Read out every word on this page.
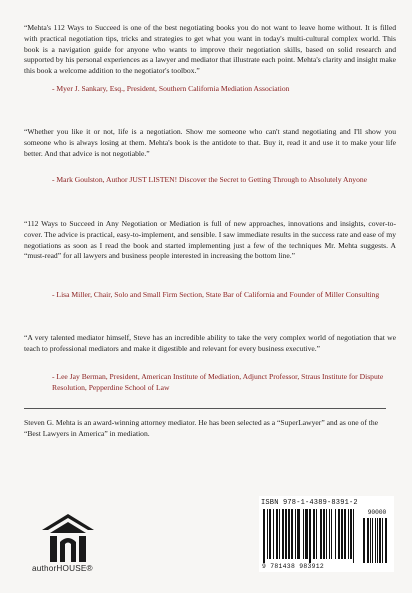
“Mehta's 112 Ways to Succeed is one of the best negotiating books you do not want to leave home without. It is filled with practical negotiation tips, tricks and strategies to get what you want in today's multi-cultural complex world. This book is a navigation guide for anyone who wants to improve their negotiation skills, based on solid research and supported by his personal experiences as a lawyer and mediator that illustrate each point. Mehta's clarity and insight make this book a welcome addition to the negotiator's toolbox.”

- Myer J. Sankary, Esq., President, Southern California Mediation Association

“Whether you like it or not, life is a negotiation. Show me someone who can't stand negotiating and I'll show you someone who is always losing at them. Mehta's book is the antidote to that. Buy it, read it and use it to make your life better. And that advice is not negotiable.”

- Mark Goulston, Author JUST LISTEN! Discover the Secret to Getting Through to Absolutely Anyone

“112 Ways to Succeed in Any Negotiation or Mediation is full of new approaches, innovations and insights, cover-to-cover. The advice is practical, easy-to-implement, and sensible. I saw immediate results in the success rate and ease of my negotiations as soon as I read the book and started implementing just a few of the techniques Mr. Mehta suggests. A “must-read” for all lawyers and business people interested in increasing the bottom line.”

- Lisa Miller, Chair, Solo and Small Firm Section, State Bar of California and Founder of Miller Consulting

“A very talented mediator himself, Steve has an incredible ability to take the very complex world of negotiation that we teach to professional mediators and make it digestible and relevant for every business executive.”

- Lee Jay Berman, President, American Institute of Mediation, Adjunct Professor, Straus Institute for Dispute Resolution, Pepperdine School of Law

Steven G. Mehta is an award-winning attorney mediator. He has been selected as a “SuperLawyer” and as one of the “Best Lawyers in America” in mediation.

authorHOUSE®
ISBN 978-1-4389-8391-2
9 781438 983912
90000
